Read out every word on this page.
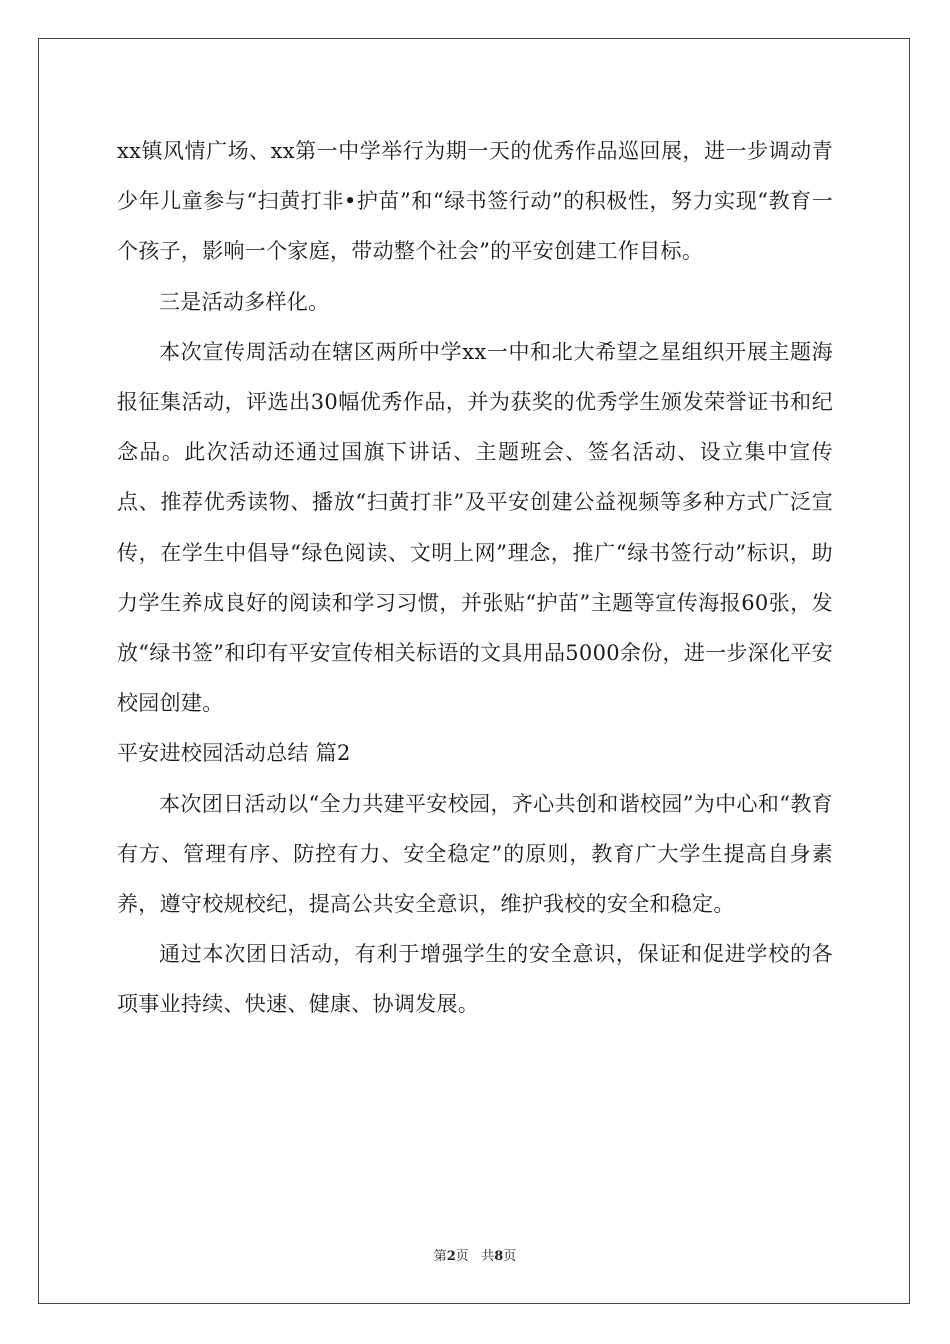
xx镇风情广场、xx第一中学举行为期一天的优秀作品巡回展，进一步调动青少年儿童参与“扫黄打非•护苗”和“绿书签行动”的积极性，努力实现“教育一个孩子，影响一个家庭，带动整个社会”的平安创建工作目标。

三是活动多样化。

本次宣传周活动在辖区两所中学xx一中和北大希望之星组织开展主题海报征集活动，评选出30幅优秀作品，并为获奖的优秀学生颁发荣誉证书和纪念品。此次活动还通过国旗下讲话、主题班会、签名活动、设立集中宣传点、推荐优秀读物、播放“扫黄打非”及平安创建公益视频等多种方式广泛宣传，在学生中倡导“绿色阅读、文明上网”理念，推广“绿书签行动”标识，助力学生养成良好的阅读和学习习惯，并张贴“护苗”主题等宣传海报60张，发放“绿书签”和印有平安宣传相关标语的文具用品5000余份，进一步深化平安校园创建。

平安进校园活动总结 篇2

本次团日活动以“全力共建平安校园，齐心共创和谐校园”为中心和“教育有方、管理有序、防控有力、安全稳定”的原则，教育广大学生提高自身素养，遵守校规校纪，提高公共安全意识，维护我校的安全和稳定。

通过本次团日活动，有利于增强学生的安全意识，保证和促进学校的各项事业持续、快速、健康、协调发展。

第2页 共8页
